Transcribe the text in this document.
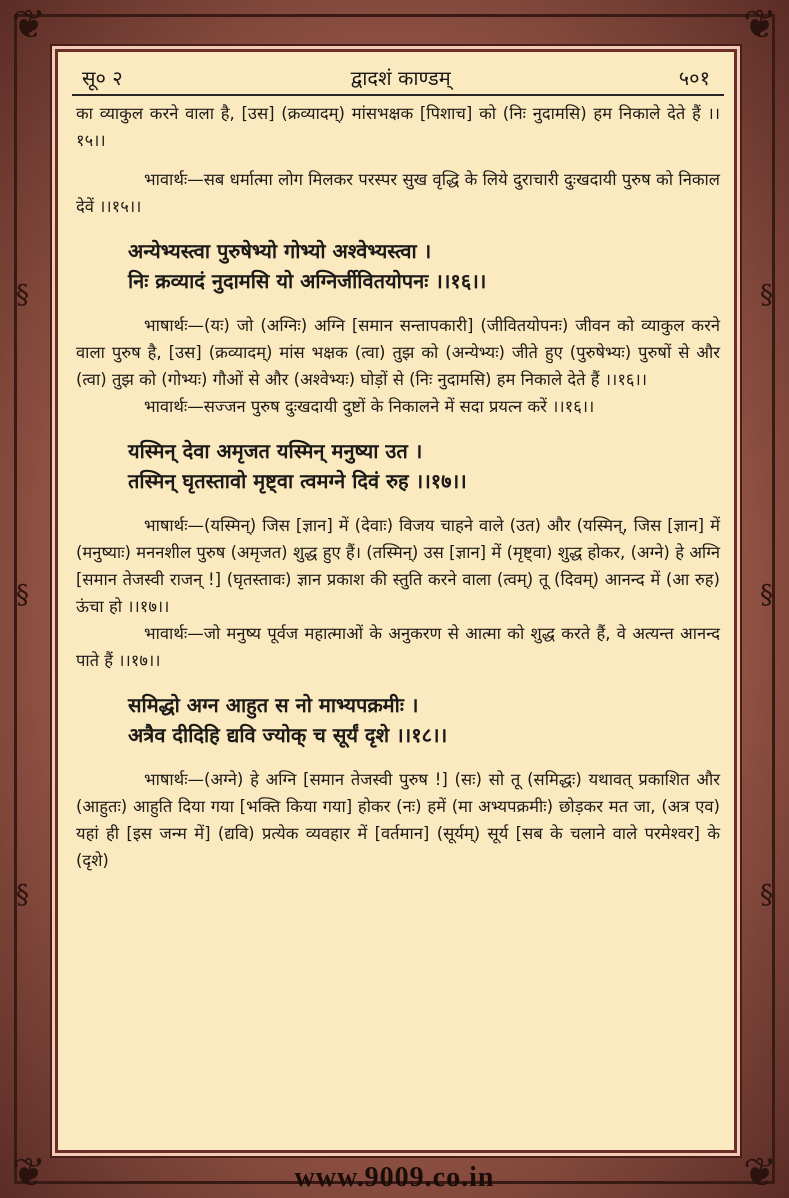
❦	❦
❦	❦
§
§
§
§
§
§
सू० २	द्वादशं काण्डम्	५०१

का व्याकुल करने वाला है, [उस] (क्रव्यादम्) मांसभक्षक [पिशाच] को (निः नुदामसि) हम निकाले देते हैं ।।१५।।

भावार्थः—सब धर्मात्मा लोग मिलकर परस्पर सुख वृद्धि के लिये दुराचारी दुःखदायी पुरुष को निकाल देवें ।।१५।।

अन्येभ्यस्त्वा पुरुषेभ्यो गोभ्यो अश्वेभ्यस्त्वा ।

निः क्रव्यादं नुदामसि यो अग्निर्जीवितयोपनः ।।१६।।

भाषार्थः—(यः) जो (अग्निः) अग्नि [समान सन्तापकारी] (जीवितयोपनः) जीवन को व्याकुल करने वाला पुरुष है, [उस] (क्रव्यादम्) मांस भक्षक (त्वा) तुझ को (अन्येभ्यः) जीते हुए (पुरुषेभ्यः) पुरुषों से और (त्वा) तुझ को (गोभ्यः) गौओं से और (अश्वेभ्यः) घोड़ों से (निः नुदामसि) हम निकाले देते हैं ।।१६।।

भावार्थः—सज्जन पुरुष दुःखदायी दुष्टों के निकालने में सदा प्रयत्न करें ।।१६।।

यस्मिन् देवा अमृजत यस्मिन् मनुष्या उत ।

तस्मिन् घृतस्तावो मृष्ट्वा त्वमग्ने दिवं रुह ।।१७।।

भाषार्थः—(यस्मिन्) जिस [ज्ञान] में (देवाः) विजय चाहने वाले (उत) और (यस्मिन्, जिस [ज्ञान] में (मनुष्याः) मननशील पुरुष (अमृजत) शुद्ध हुए हैं। (तस्मिन्) उस [ज्ञान] में (मृष्ट्वा) शुद्ध होकर, (अग्ने) हे अग्नि [समान तेजस्वी राजन् !] (घृतस्तावः) ज्ञान प्रकाश की स्तुति करने वाला (त्वम्) तू (दिवम्) आनन्द में (आ रुह) ऊंचा हो ।।१७।।

भावार्थः—जो मनुष्य पूर्वज महात्माओं के अनुकरण से आत्मा को शुद्ध करते हैं, वे अत्यन्त आनन्द पाते हैं ।।१७।।

समिद्धो अग्न आहुत स नो माभ्यपक्रमीः ।

अत्रैव दीदिहि द्यवि ज्योक् च सूर्यं दृशे ।।१८।।

भाषार्थः—(अग्ने) हे अग्नि [समान तेजस्वी पुरुष !] (सः) सो तू (समिद्धः) यथावत् प्रकाशित और (आहुतः) आहुति दिया गया [भक्ति किया गया] होकर (नः) हमें (मा अभ्यपक्रमीः) छोड़कर मत जा, (अत्र एव) यहां ही [इस जन्म में] (द्यवि) प्रत्येक व्यवहार में [वर्तमान] (सूर्यम्) सूर्य [सब के चलाने वाले परमेश्वर] के (दृशे)

www.9009.co.in
